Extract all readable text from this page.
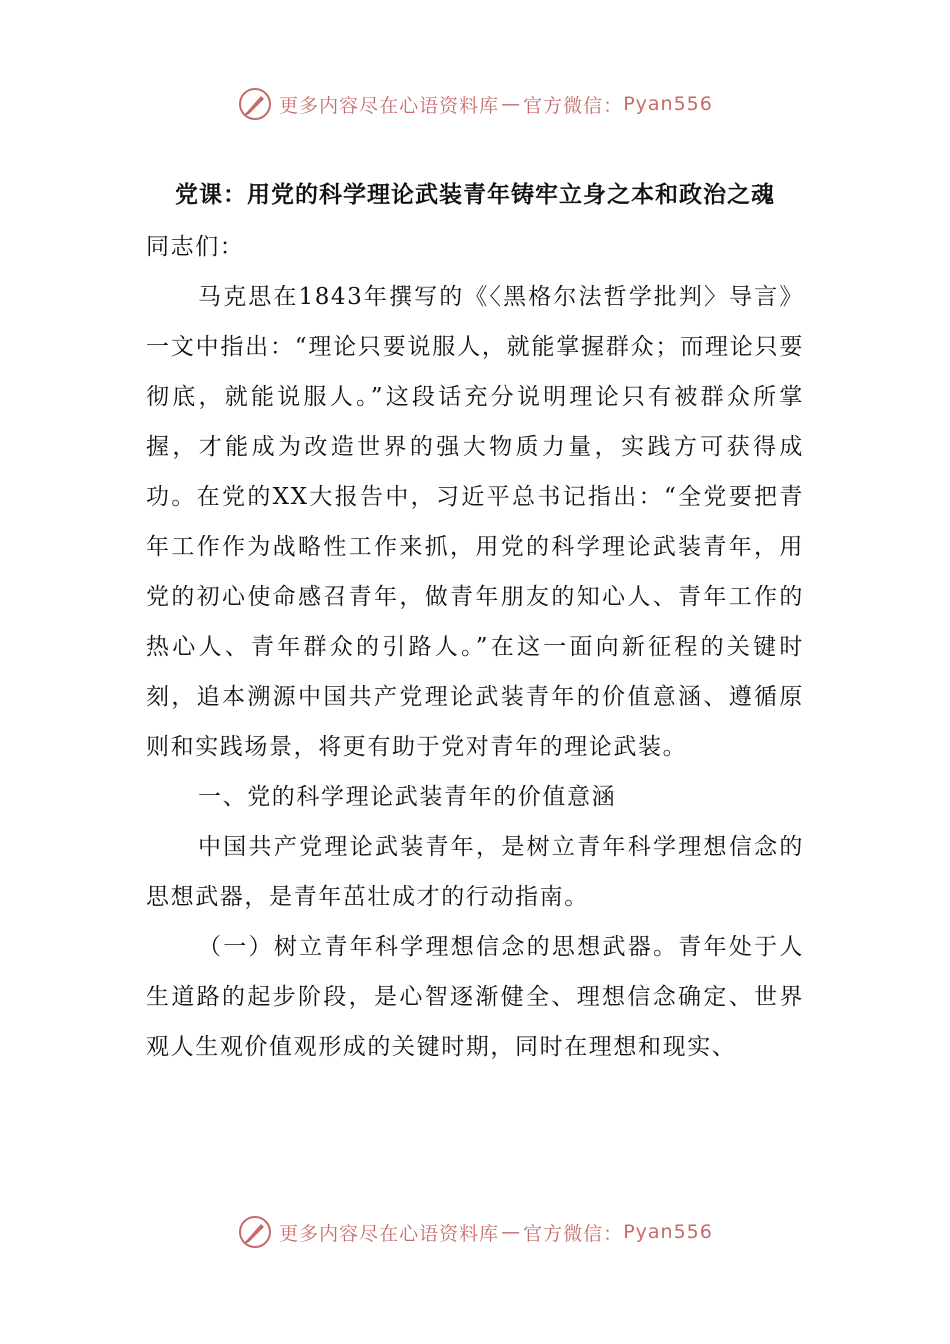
更多内容尽在心语资料库 — 官方微信： Pyan556
党课：用党的科学理论武装青年铸牢立身之本和政治之魂

同志们：

马克思在1843年撰写的《〈黑格尔法哲学批判〉导言》一文中指出：“理论只要说服人，就能掌握群众；而理论只要彻底，就能说服人。”这段话充分说明理论只有被群众所掌握，才能成为改造世界的强大物质力量，实践方可获得成功。在党的XX大报告中，习近平总书记指出：“全党要把青年工作作为战略性工作来抓，用党的科学理论武装青年，用党的初心使命感召青年，做青年朋友的知心人、青年工作的热心人、青年群众的引路人。”在这一面向新征程的关键时刻，追本溯源中国共产党理论武装青年的价值意涵、遵循原则和实践场景，将更有助于党对青年的理论武装。

一、党的科学理论武装青年的价值意涵

中国共产党理论武装青年，是树立青年科学理想信念的思想武器，是青年茁壮成才的行动指南。

（一）树立青年科学理想信念的思想武器。青年处于人生道路的起步阶段，是心智逐渐健全、理想信念确定、世界观人生观价值观形成的关键时期，同时在理想和现实、

更多内容尽在心语资料库 — 官方微信： Pyan556
